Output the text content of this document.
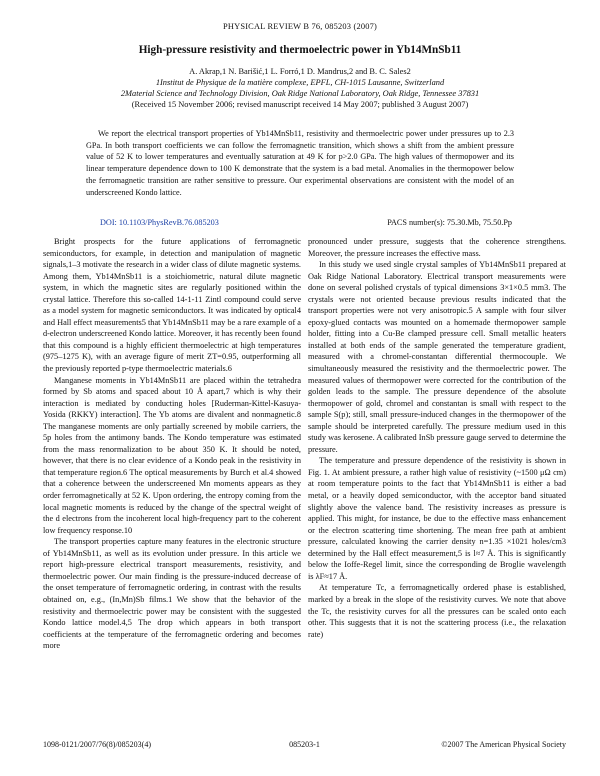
PHYSICAL REVIEW B 76, 085203 (2007)
High-pressure resistivity and thermoelectric power in Yb14MnSb11
A. Akrap,1 N. Barišić,1 L. Forró,1 D. Mandrus,2 and B. C. Sales2
1Institut de Physique de la matière complexe, EPFL, CH-1015 Lausanne, Switzerland
2Material Science and Technology Division, Oak Ridge National Laboratory, Oak Ridge, Tennessee 37831
(Received 15 November 2006; revised manuscript received 14 May 2007; published 3 August 2007)

We report the electrical transport properties of Yb14MnSb11, resistivity and thermoelectric power under pressures up to 2.3 GPa. In both transport coefficients we can follow the ferromagnetic transition, which shows a shift from the ambient pressure value of 52 K to lower temperatures and eventually saturation at 49 K for p>2.0 GPa. The high values of thermopower and its linear temperature dependence down to 100 K demonstrate that the system is a bad metal. Anomalies in the thermopower below the ferromagnetic transition are rather sensitive to pressure. Our experimental observations are consistent with the model of an underscreened Kondo lattice.

DOI: 10.1103/PhysRevB.76.085203	PACS number(s): 75.30.Mb, 75.50.Pp

Bright prospects for the future applications of ferromagnetic semiconductors, for example, in detection and manipulation of magnetic signals,1–3 motivate the research in a wider class of dilute magnetic systems. Among them, Yb14MnSb11 is a stoichiometric, natural dilute magnetic system, in which the magnetic sites are regularly positioned within the crystal lattice. Therefore this so-called 14-1-11 Zintl compound could serve as a model system for magnetic semiconductors. It was indicated by optical4 and Hall effect measurements5 that Yb14MnSb11 may be a rare example of a d-electron underscreened Kondo lattice. Moreover, it has recently been found that this compound is a highly efficient thermoelectric at high temperatures (975–1275 K), with an average figure of merit ZT=0.95, outperforming all the previously reported p-type thermoelectric materials.6

Manganese moments in Yb14MnSb11 are placed within the tetrahedra formed by Sb atoms and spaced about 10 Å apart,7 which is why their interaction is mediated by conducting holes [Ruderman-Kittel-Kasuya-Yosida (RKKY) interaction]. The Yb atoms are divalent and nonmagnetic.8 The manganese moments are only partially screened by mobile carriers, the 5p holes from the antimony bands. The Kondo temperature was estimated from the mass renormalization to be about 350 K. It should be noted, however, that there is no clear evidence of a Kondo peak in the resistivity in that temperature region.6 The optical measurements by Burch et al.4 showed that a coherence between the underscreened Mn moments appears as they order ferromagnetically at 52 K. Upon ordering, the entropy coming from the local magnetic moments is reduced by the change of the spectral weight of the d electrons from the incoherent local high-frequency part to the coherent low frequency response.10

The transport properties capture many features in the electronic structure of Yb14MnSb11, as well as its evolution under pressure. In this article we report high-pressure electrical transport measurements, resistivity, and thermoelectric power. Our main finding is the pressure-induced decrease of the onset temperature of ferromagnetic ordering, in contrast with the results obtained on, e.g., (In,Mn)Sb films.1 We show that the behavior of the resistivity and thermoelectric power may be consistent with the suggested Kondo lattice model.4,5 The drop which appears in both transport coefficients at the temperature of the ferromagnetic ordering and becomes more

pronounced under pressure, suggests that the coherence strengthens. Moreover, the pressure increases the effective mass.

In this study we used single crystal samples of Yb14MnSb11 prepared at Oak Ridge National Laboratory. Electrical transport measurements were done on several polished crystals of typical dimensions 3×1×0.5 mm3. The crystals were not oriented because previous results indicated that the transport properties were not very anisotropic.5 A sample with four silver epoxy-glued contacts was mounted on a homemade thermopower sample holder, fitting into a Cu-Be clamped pressure cell. Small metallic heaters installed at both ends of the sample generated the temperature gradient, measured with a chromel-constantan differential thermocouple. We simultaneously measured the resistivity and the thermoelectric power. The measured values of thermopower were corrected for the contribution of the golden leads to the sample. The pressure dependence of the absolute thermopower of gold, chromel and constantan is small with respect to the sample S(p); still, small pressure-induced changes in the thermopower of the sample should be interpreted carefully. The pressure medium used in this study was kerosene. A calibrated InSb pressure gauge served to determine the pressure.

The temperature and pressure dependence of the resistivity is shown in Fig. 1. At ambient pressure, a rather high value of resistivity (~1500 μΩ cm) at room temperature points to the fact that Yb14MnSb11 is either a bad metal, or a heavily doped semiconductor, with the acceptor band situated slightly above the valence band. The resistivity increases as pressure is applied. This might, for instance, be due to the effective mass enhancement or the electron scattering time shortening. The mean free path at ambient pressure, calculated knowing the carrier density n=1.35 ×1021 holes/cm3 determined by the Hall effect measurement,5 is l≈7 Å. This is significantly below the Ioffe-Regel limit, since the corresponding de Broglie wavelength is λF≈17 Å.

At temperature Tc, a ferromagnetically ordered phase is established, marked by a break in the slope of the resistivity curves. We note that above the Tc, the resistivity curves for all the pressures can be scaled onto each other. This suggests that it is not the scattering process (i.e., the relaxation rate)

1098-0121/2007/76(8)/085203(4)	085203-1	©2007 The American Physical Society
